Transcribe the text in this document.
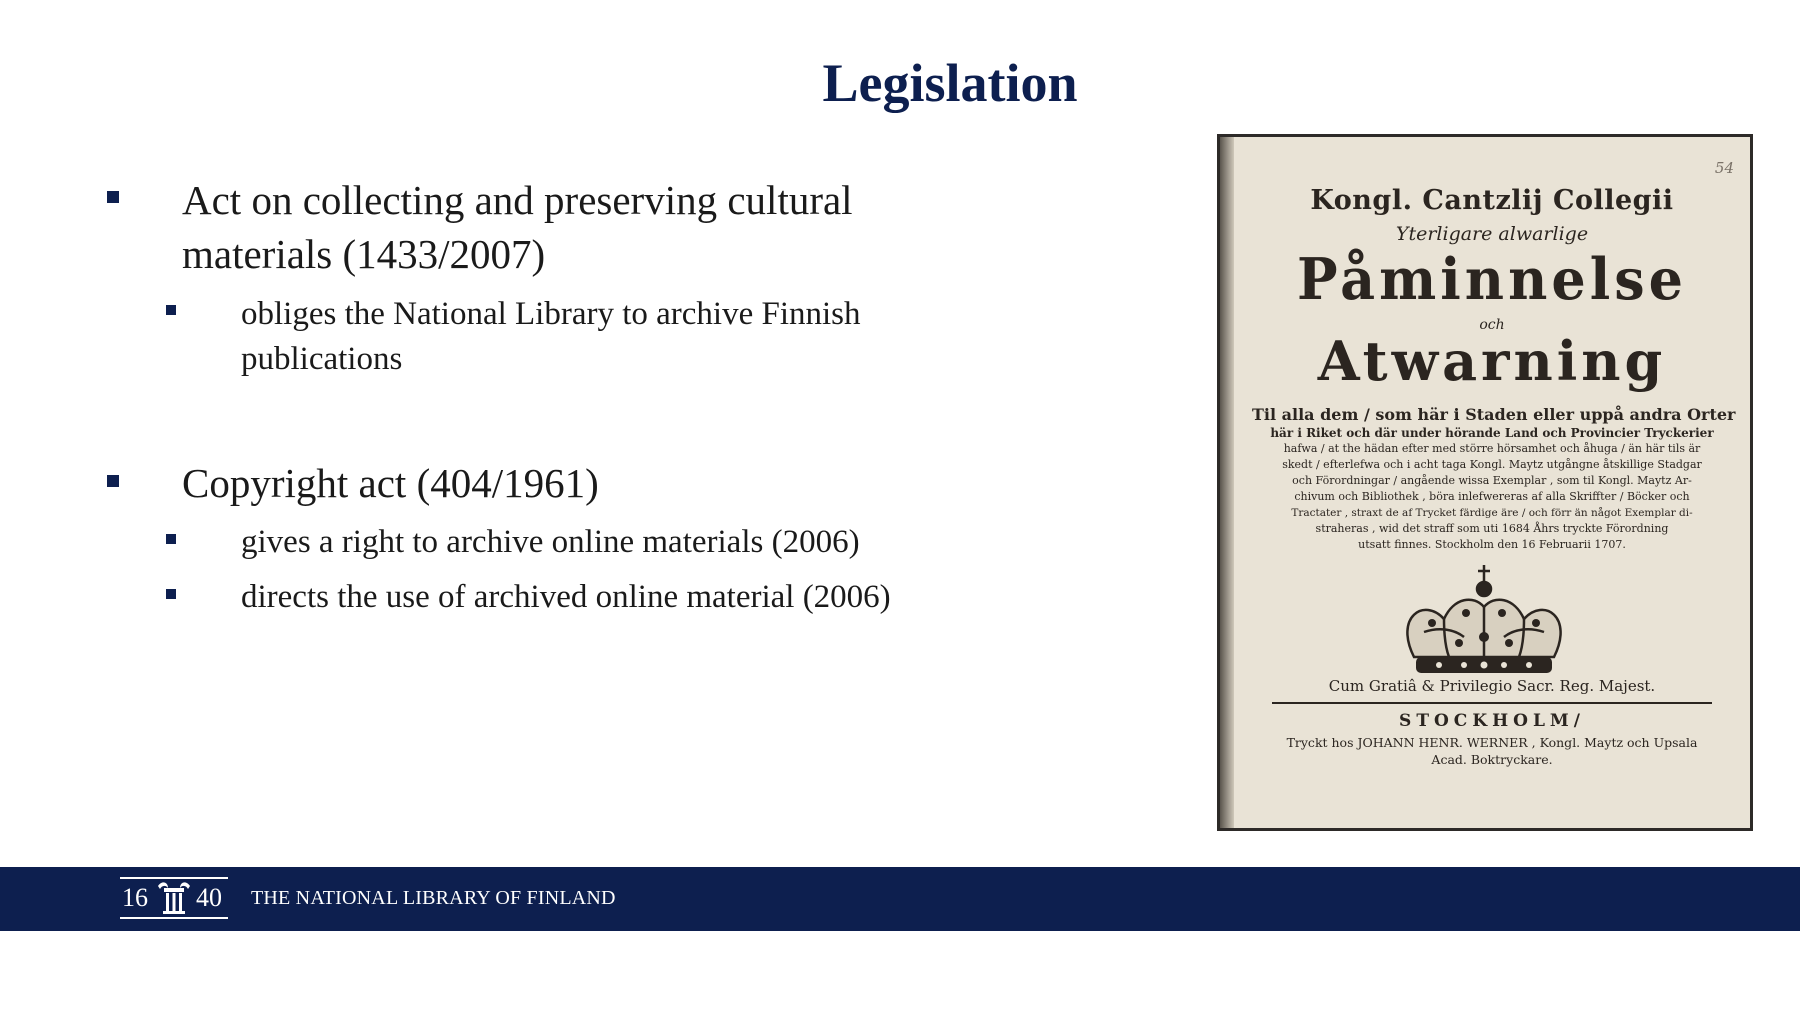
Legislation
Act on collecting and preserving cultural
materials (1433/2007)
obliges the National Library to archive Finnish
publications
Copyright act (404/1961)
gives a right to archive online materials (2006)
directs the use of archived online material (2006)
54
Kongl. Cantzlij Collegii
Yterligare alwarlige
Påminnelse
och
Atwarning
Til alla dem / som här i Staden eller uppå andra Orter
här i Riket och där under hörande Land och Provincier Tryckerier
hafwa / at the hädan efter med större hörsamhet och åhuga / än här tils är
skedt / efterlefwa och i acht taga Kongl. Maytz utgångne åtskillige Stadgar
och Förordningar / angående wissa Exemplar , som til Kongl. Maytz Ar-
chivum och Bibliothek , böra inlefwereras af alla Skriffter / Böcker och
Tractater , straxt de af Trycket färdige äre / och förr än något Exemplar di-
straheras , wid det straff som uti 1684 Åhrs tryckte Förordning
utsatt finnes. Stockholm den 16 Februarii 1707.
Cum Gratiâ & Privilegio Sacr. Reg. Majest.
STOCKHOLM/
Tryckt hos JOHANN HENR. WERNER , Kongl. Maytz och Upsala
Acad. Boktryckare.
16 40 THE NATIONAL LIBRARY OF FINLAND
